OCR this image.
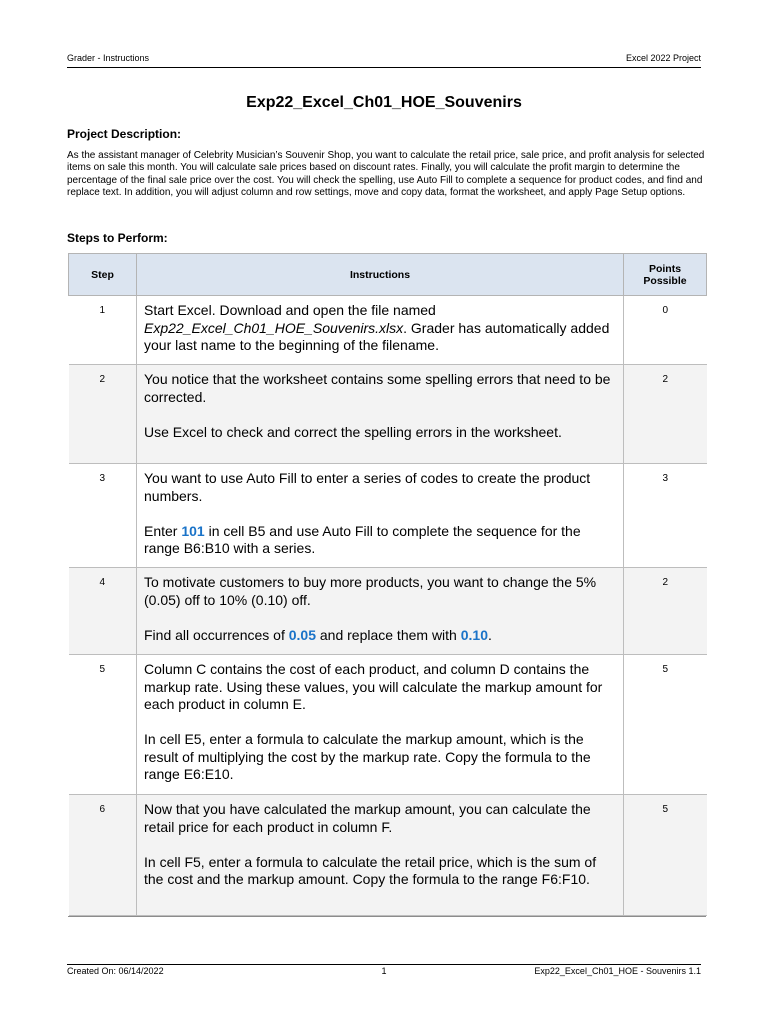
Grader - Instructions	Excel 2022 Project
Exp22_Excel_Ch01_HOE_Souvenirs
Project Description:
As the assistant manager of Celebrity Musician’s Souvenir Shop, you want to calculate the retail price, sale price, and profit analysis for selected items on sale this month. You will calculate sale prices based on discount rates. Finally, you will calculate the profit margin to determine the percentage of the final sale price over the cost. You will check the spelling, use Auto Fill to complete a sequence for product codes, and find and replace text. In addition, you will adjust column and row settings, move and copy data, format the worksheet, and apply Page Setup options.
Steps to Perform:
Step	Instructions	Points Possible
1	Start Excel. Download and open the file named Exp22_Excel_Ch01_HOE_Souvenirs.xlsx. Grader has automatically added your last name to the beginning of the filename.	0
2	You notice that the worksheet contains some spelling errors that need to be corrected.

Use Excel to check and correct the spelling errors in the worksheet.	2
3	You want to use Auto Fill to enter a series of codes to create the product numbers.

Enter 101 in cell B5 and use Auto Fill to complete the sequence for the range B6:B10 with a series.	3
4	To motivate customers to buy more products, you want to change the 5% (0.05) off to 10% (0.10) off.

Find all occurrences of 0.05 and replace them with 0.10.	2
5	Column C contains the cost of each product, and column D contains the markup rate. Using these values, you will calculate the markup amount for each product in column E.

In cell E5, enter a formula to calculate the markup amount, which is the result of multiplying the cost by the markup rate. Copy the formula to the range E6:E10.	5
6	Now that you have calculated the markup amount, you can calculate the retail price for each product in column F.

In cell F5, enter a formula to calculate the retail price, which is the sum of the cost and the markup amount. Copy the formula to the range F6:F10.	5
Created On: 06/14/2022	1	Exp22_Excel_Ch01_HOE - Souvenirs 1.1
